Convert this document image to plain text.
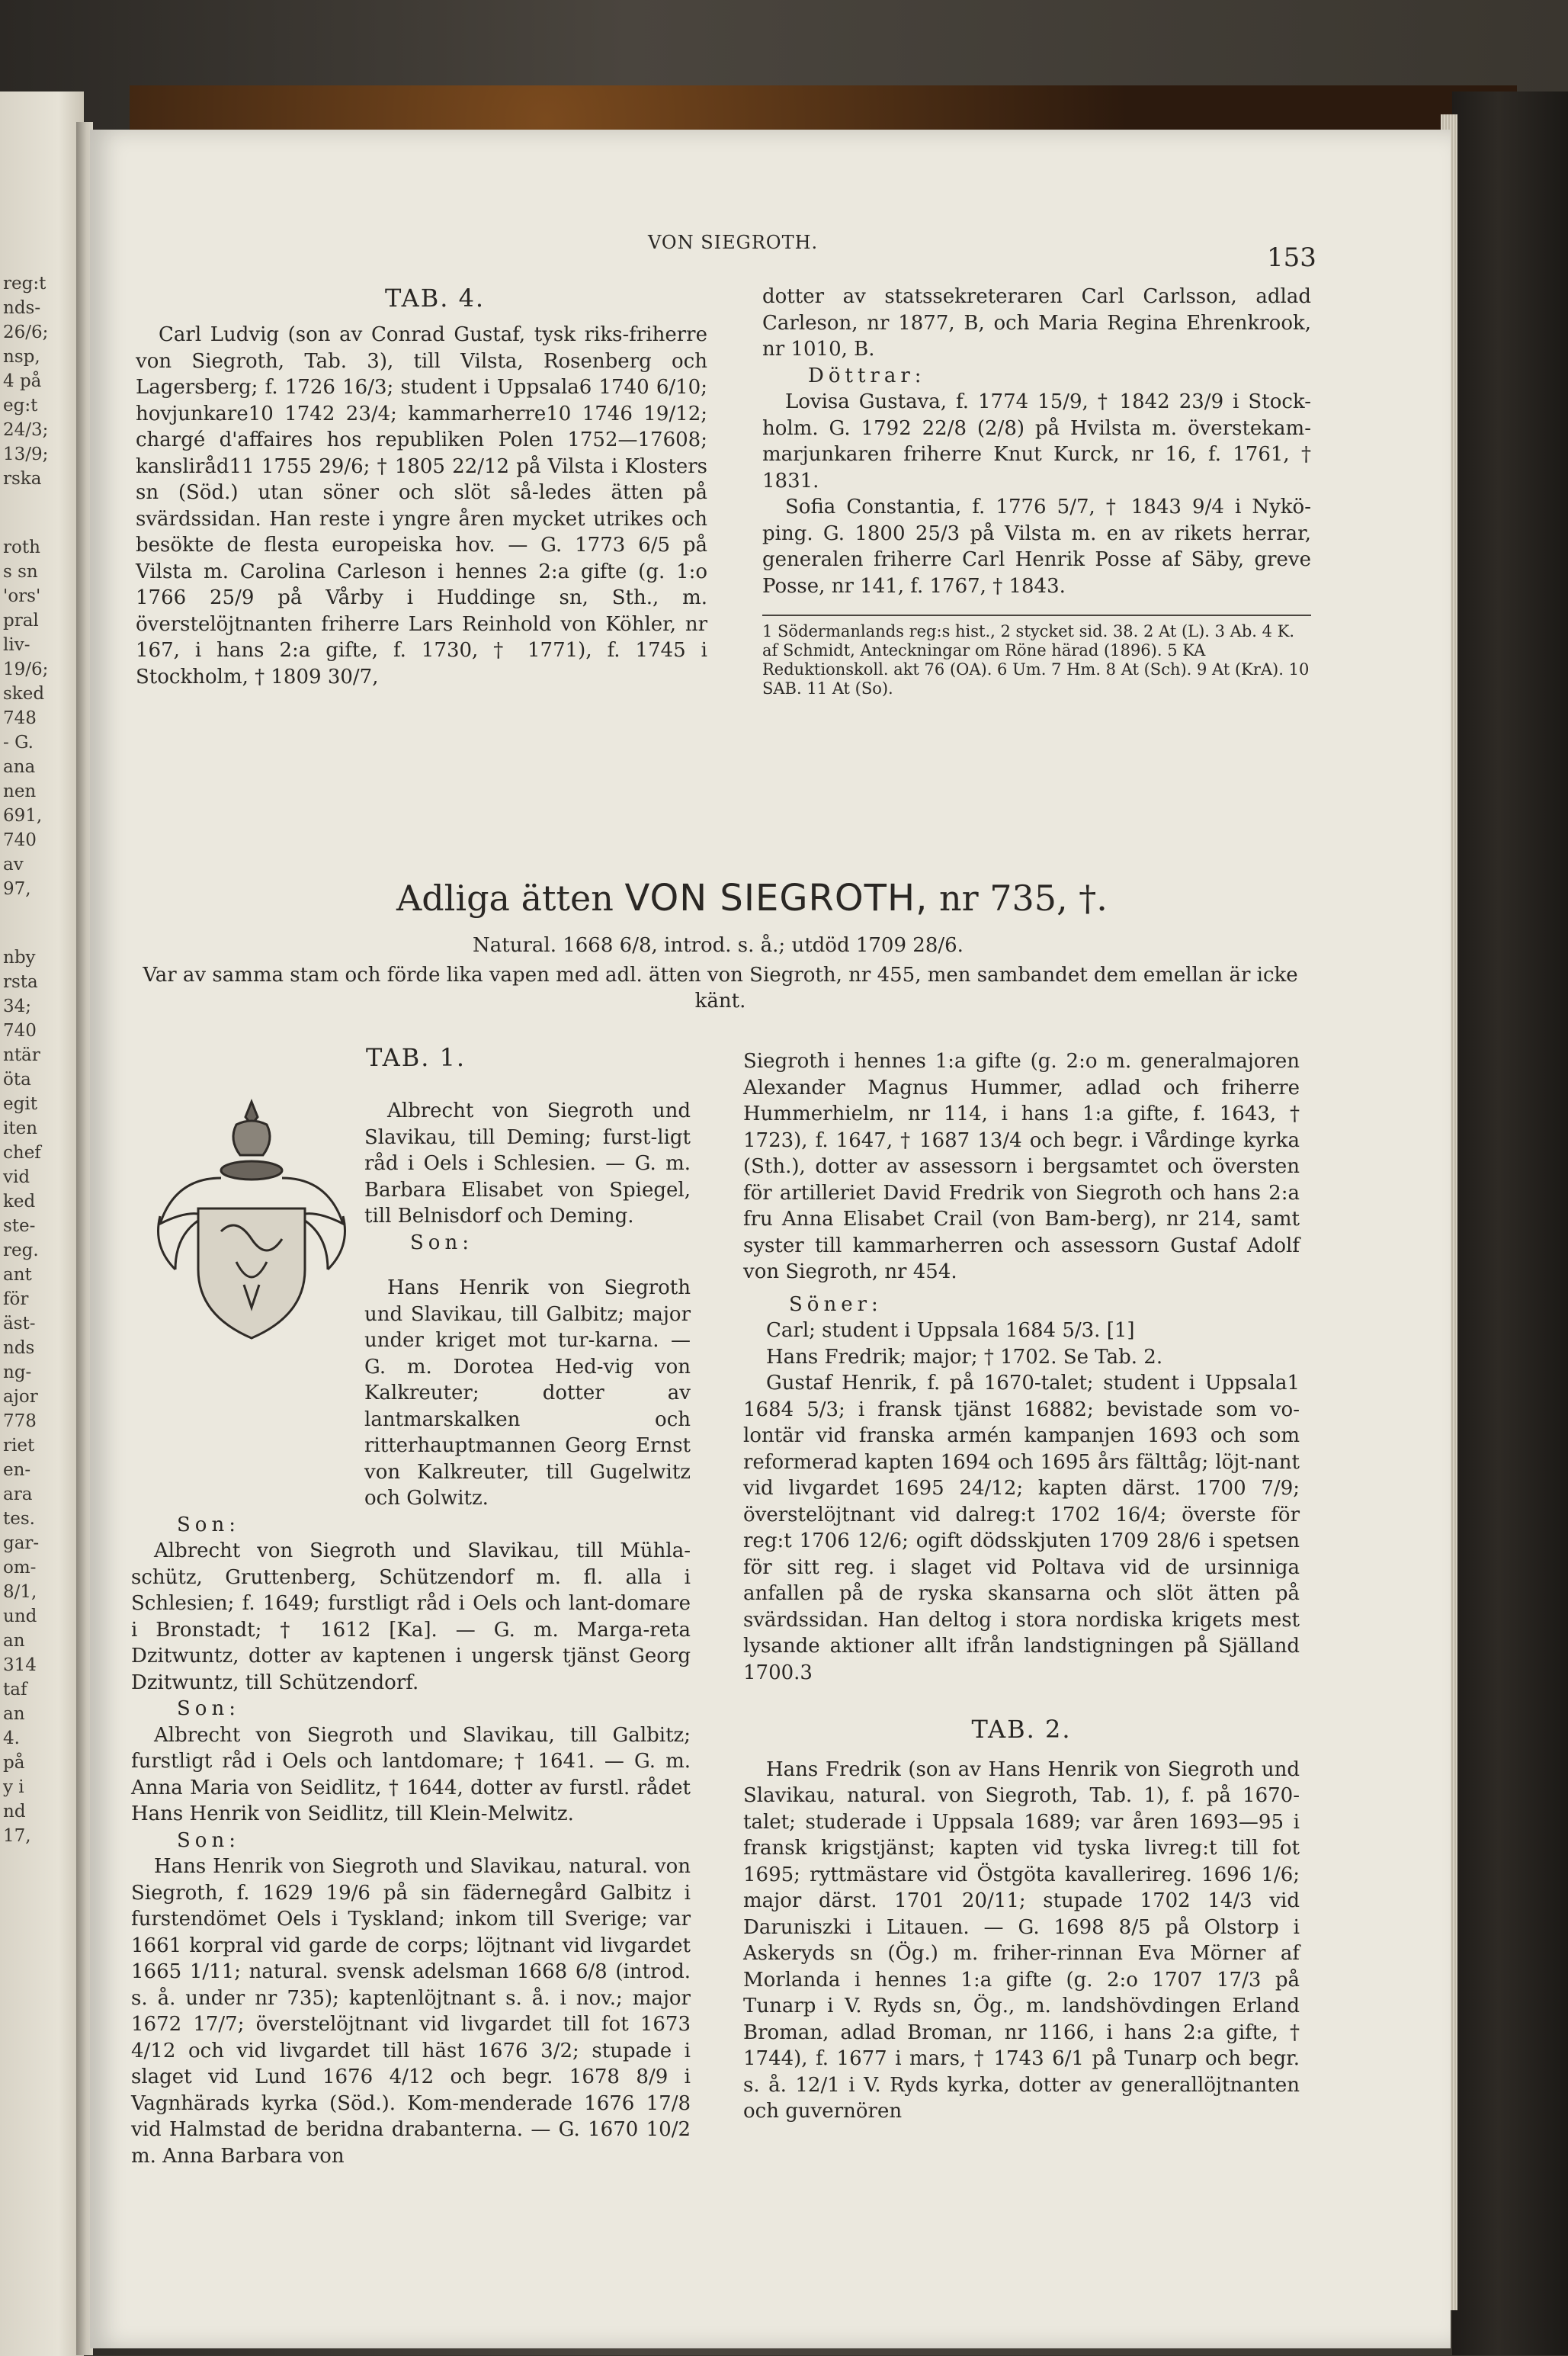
reg:t
nds-
26/6;
nsp,
4 på
eg:t
24/3;
13/9;
rska
roth
s sn
'ors'
pral
liv-
19/6;
sked
748
- G.
ana
nen
691,
740
av
97,
nby
rsta
34;
740
ntär
öta
egit
iten
chef
vid
ked
ste-
reg.
ant
för
äst-
nds
ng-
ajor
778
riet
en-
ara
tes.
gar-
om-
8/1,
und
an
314
taf
an
4.
på
y i
nd
17,
VON SIEGROTH.	153
TAB. 4.

Carl Ludvig (son av Conrad Gustaf, tysk riks-friherre von Siegroth, Tab. 3), till Vilsta, Rosenberg och Lagersberg; f. 1726 16/3; student i Uppsala6 1740 6/10; hovjunkare10 1742 23/4; kammarherre10 1746 19/12; chargé d'affaires hos republiken Polen 1752—17608; kansliråd11 1755 29/6; † 1805 22/12 på Vilsta i Klosters sn (Söd.) utan söner och slöt så-ledes ätten på svärdssidan. Han reste i yngre åren mycket utrikes och besökte de flesta europeiska hov. — G. 1773 6/5 på Vilsta m. Carolina Carleson i hennes 2:a gifte (g. 1:o 1766 25/9 på Vårby i Huddinge sn, Sth., m. överstelöjtnanten friherre Lars Reinhold von Köhler, nr 167, i hans 2:a gifte, f. 1730, † 1771), f. 1745 i Stockholm, † 1809 30/7,

dotter av statssekreteraren Carl Carlsson, adlad Carleson, nr 1877, B, och Maria Regina Ehrenkrook, nr 1010, B.

Döttrar:

Lovisa Gustava, f. 1774 15/9, † 1842 23/9 i Stock-holm. G. 1792 22/8 (2/8) på Hvilsta m. överstekam-marjunkaren friherre Knut Kurck, nr 16, f. 1761, † 1831.

Sofia Constantia, f. 1776 5/7, † 1843 9/4 i Nykö-ping. G. 1800 25/3 på Vilsta m. en av rikets herrar, generalen friherre Carl Henrik Posse af Säby, greve Posse, nr 141, f. 1767, † 1843.

1 Södermanlands reg:s hist., 2 stycket sid. 38. 2 At (L). 3 Ab. 4 K. af Schmidt, Anteckningar om Röne härad (1896). 5 KA Reduktionskoll. akt 76 (OA). 6 Um. 7 Hm. 8 At (Sch). 9 At (KrA). 10 SAB. 11 At (So).
Adliga ätten VON SIEGROTH, nr 735, †.
Natural. 1668 6/8, introd. s. å.; utdöd 1709 28/6.
Var av samma stam och förde lika vapen med adl. ätten von Siegroth, nr 455, men sambandet dem emellan är icke känt.
TAB. 1.

Albrecht von Siegroth und Slavikau, till Deming; furst-ligt råd i Oels i Schlesien. — G. m. Barbara Elisabet von Spiegel, till Belnisdorf och Deming.

Son:

Hans Henrik von Siegroth und Slavikau, till Galbitz; major under kriget mot tur-karna. — G. m. Dorotea Hed-vig von Kalkreuter; dotter av lantmarskalken och ritterhauptmannen Georg Ernst von Kalkreuter, till Gugelwitz och Golwitz.

Son:

Albrecht von Siegroth und Slavikau, till Mühla-schütz, Gruttenberg, Schützendorf m. fl. alla i Schlesien; f. 1649; furstligt råd i Oels och lant-domare i Bronstadt; † 1612 [Ka]. — G. m. Marga-reta Dzitwuntz, dotter av kaptenen i ungersk tjänst Georg Dzitwuntz, till Schützendorf.

Son:

Albrecht von Siegroth und Slavikau, till Galbitz; furstligt råd i Oels och lantdomare; † 1641. — G. m. Anna Maria von Seidlitz, † 1644, dotter av furstl. rådet Hans Henrik von Seidlitz, till Klein-Melwitz.

Son:

Hans Henrik von Siegroth und Slavikau, natural. von Siegroth, f. 1629 19/6 på sin fädernegård Galbitz i furstendömet Oels i Tyskland; inkom till Sverige; var 1661 korpral vid garde de corps; löjtnant vid livgardet 1665 1/11; natural. svensk adelsman 1668 6/8 (introd. s. å. under nr 735); kaptenlöjtnant s. å. i nov.; major 1672 17/7; överstelöjtnant vid livgardet till fot 1673 4/12 och vid livgardet till häst 1676 3/2; stupade i slaget vid Lund 1676 4/12 och begr. 1678 8/9 i Vagnhärads kyrka (Söd.). Kom-menderade 1676 17/8 vid Halmstad de beridna drabanterna. — G. 1670 10/2 m. Anna Barbara von

Siegroth i hennes 1:a gifte (g. 2:o m. generalmajoren Alexander Magnus Hummer, adlad och friherre Hummerhielm, nr 114, i hans 1:a gifte, f. 1643, † 1723), f. 1647, † 1687 13/4 och begr. i Vårdinge kyrka (Sth.), dotter av assessorn i bergsamtet och översten för artilleriet David Fredrik von Siegroth och hans 2:a fru Anna Elisabet Crail (von Bam-berg), nr 214, samt syster till kammarherren och assessorn Gustaf Adolf von Siegroth, nr 454.

Söner:

Carl; student i Uppsala 1684 5/3. [1]

Hans Fredrik; major; † 1702. Se Tab. 2.

Gustaf Henrik, f. på 1670-talet; student i Uppsala1 1684 5/3; i fransk tjänst 16882; bevistade som vo-lontär vid franska armén kampanjen 1693 och som reformerad kapten 1694 och 1695 års fälttåg; löjt-nant vid livgardet 1695 24/12; kapten därst. 1700 7/9; överstelöjtnant vid dalreg:t 1702 16/4; överste för reg:t 1706 12/6; ogift dödsskjuten 1709 28/6 i spetsen för sitt reg. i slaget vid Poltava vid de ursinniga anfallen på de ryska skansarna och slöt ätten på svärdssidan. Han deltog i stora nordiska krigets mest lysande aktioner allt ifrån landstigningen på Själland 1700.3

TAB. 2.

Hans Fredrik (son av Hans Henrik von Siegroth und Slavikau, natural. von Siegroth, Tab. 1), f. på 1670-talet; studerade i Uppsala 1689; var åren 1693—95 i fransk krigstjänst; kapten vid tyska livreg:t till fot 1695; ryttmästare vid Östgöta kavallerireg. 1696 1/6; major därst. 1701 20/11; stupade 1702 14/3 vid Daruniszki i Litauen. — G. 1698 8/5 på Olstorp i Askeryds sn (Ög.) m. friher-rinnan Eva Mörner af Morlanda i hennes 1:a gifte (g. 2:o 1707 17/3 på Tunarp i V. Ryds sn, Ög., m. landshövdingen Erland Broman, adlad Broman, nr 1166, i hans 2:a gifte, † 1744), f. 1677 i mars, † 1743 6/1 på Tunarp och begr. s. å. 12/1 i V. Ryds kyrka, dotter av generallöjtnanten och guvernören
